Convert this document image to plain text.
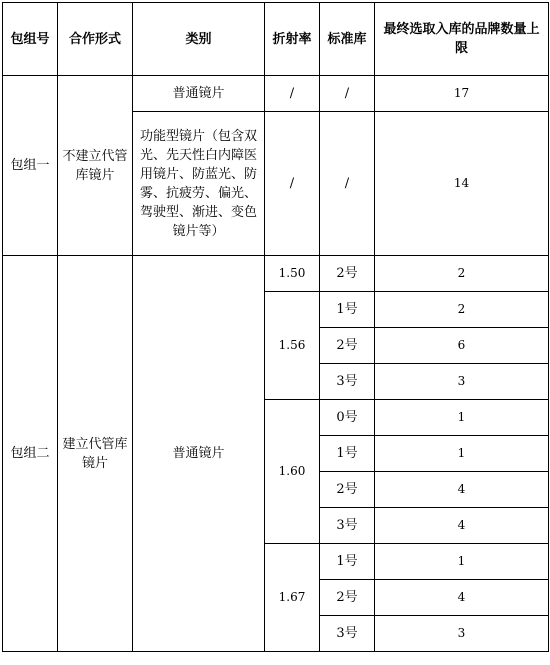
包组号	合作形式	类别	折射率	标准库	最终选取入库的品牌数量上限
包组一	不建立代管库镜片	普通镜片	/	/	17
		功能型镜片（包含双光、先天性白内障医用镜片、防蓝光、防雾、抗疲劳、偏光、驾驶型、渐进、变色镜片等）	/	/	14
包组二	建立代管库镜片	普通镜片	1.50	2号	2
			1.56	1号	2
				2号	6
				3号	3
			1.60	0号	1
				1号	1
				2号	4
				3号	4
			1.67	1号	1
				2号	4
				3号	3
